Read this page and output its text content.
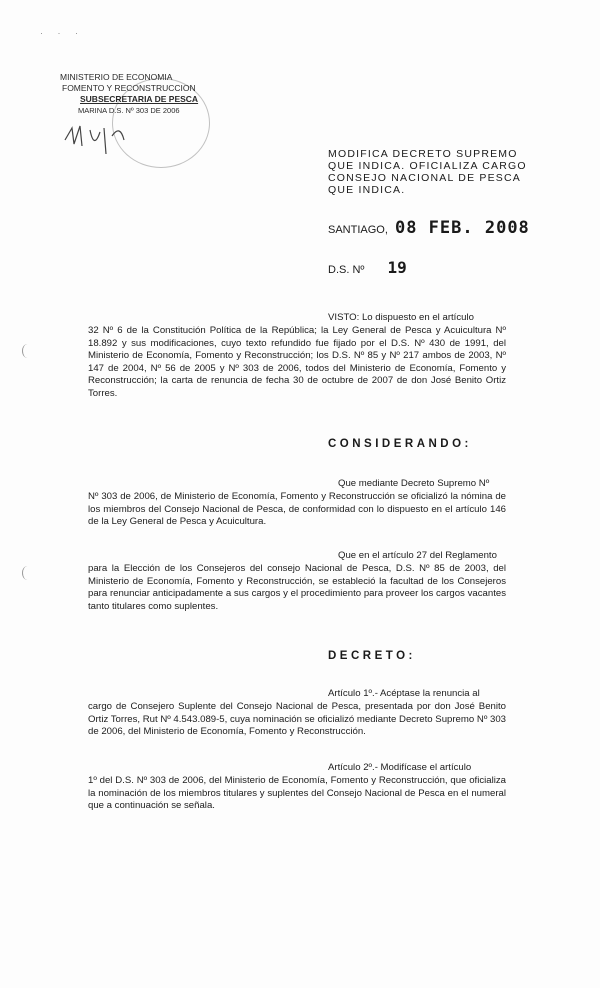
MINISTERIO DE ECONOMIA
FOMENTO Y RECONSTRUCCION
SUBSECRETARIA DE PESCA
MARINA D.S. Nº 303 DE 2006
· · ·
MODIFICA DECRETO SUPREMO
QUE INDICA. OFICIALIZA CARGO
CONSEJO NACIONAL DE PESCA
QUE INDICA.
SANTIAGO, 08 FEB. 2008
D.S. Nº 19
VISTO: Lo dispuesto en el artículo
32 Nº 6 de la Constitución Política de la República; la Ley General de Pesca y Acuicultura Nº 18.892 y sus modificaciones, cuyo texto refundido fue fijado por el D.S. Nº 430 de 1991, del Ministerio de Economía, Fomento y Reconstrucción; los D.S. Nº 85 y Nº 217 ambos de 2003, Nº 147 de 2004, Nº 56 de 2005 y Nº 303 de 2006, todos del Ministerio de Economía, Fomento y Reconstrucción; la carta de renuncia de fecha 30 de octubre de 2007 de don José Benito Ortiz Torres.
CONSIDERANDO:
Que mediante Decreto Supremo Nº
Nº 303 de 2006, de Ministerio de Economía, Fomento y Reconstrucción se oficializó la nómina de los miembros del Consejo Nacional de Pesca, de conformidad con lo dispuesto en el artículo 146 de la Ley General de Pesca y Acuicultura.
Que en el artículo 27 del Reglamento
para la Elección de los Consejeros del consejo Nacional de Pesca, D.S. Nº 85 de 2003, del Ministerio de Economía, Fomento y Reconstrucción, se estableció la facultad de los Consejeros para renunciar anticipadamente a sus cargos y el procedimiento para proveer los cargos vacantes tanto titulares como suplentes.
DECRETO:
Artículo 1º.- Acéptase la renuncia al
cargo de Consejero Suplente del Consejo Nacional de Pesca, presentada por don José Benito Ortiz Torres, Rut Nº 4.543.089-5, cuya nominación se oficializó mediante Decreto Supremo Nº 303 de 2006, del Ministerio de Economía, Fomento y Reconstrucción.
Artículo 2º.- Modifícase el artículo
1º del D.S. Nº 303 de 2006, del Ministerio de Economía, Fomento y Reconstrucción, que oficializa la nominación de los miembros titulares y suplentes del Consejo Nacional de Pesca en el numeral que a continuación se señala.
